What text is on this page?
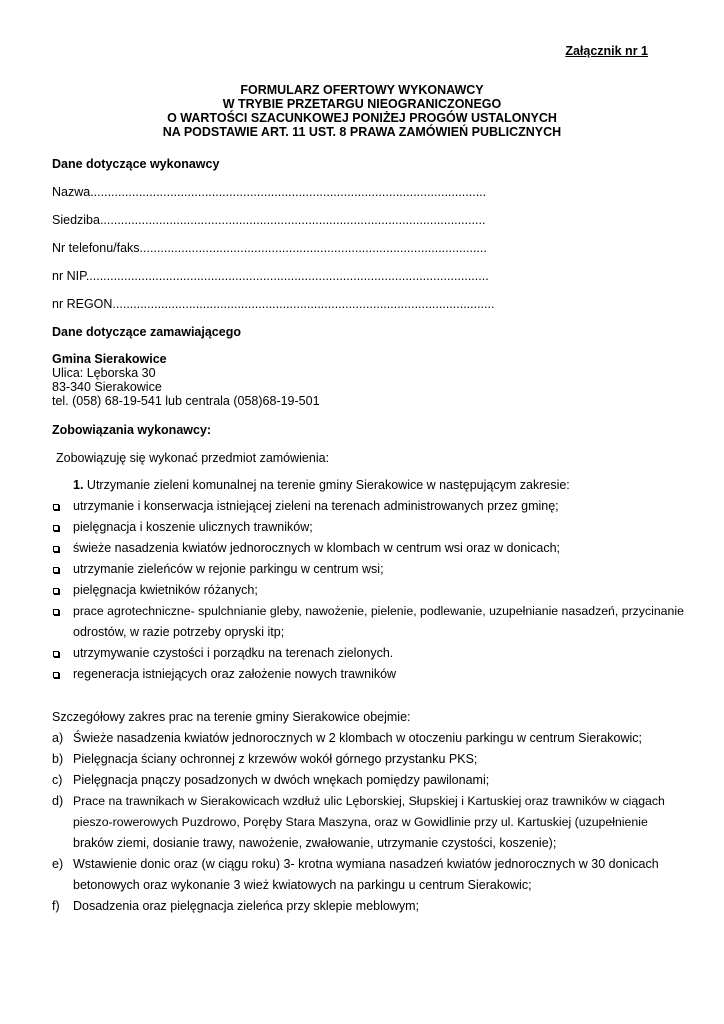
Załącznik nr 1
FORMULARZ OFERTOWY WYKONAWCY
W TRYBIE PRZETARGU NIEOGRANICZONEGO
O WARTOŚCI SZACUNKOWEJ PONIŻEJ PROGÓW USTALONYCH
NA PODSTAWIE ART. 11 UST. 8 PRAWA ZAMÓWIEŃ PUBLICZNYCH
Dane dotyczące wykonawcy
Nazwa..................................................................................................................
Siedziba...............................................................................................................
Nr telefonu/faks....................................................................................................
nr NIP....................................................................................................................
nr REGON..............................................................................................................
Dane dotyczące zamawiającego
Gmina Sierakowice
Ulica: Lęborska 30
83-340 Sierakowice
tel. (058) 68-19-541 lub centrala (058)68-19-501
Zobowiązania wykonawcy:
Zobowiązuję się wykonać przedmiot zamówienia:
1. Utrzymanie zieleni komunalnej na terenie gminy Sierakowice w następującym zakresie:
utrzymanie i konserwacja istniejącej zieleni na terenach administrowanych przez gminę;
pielęgnacja i koszenie ulicznych trawników;
świeże nasadzenia kwiatów jednorocznych w klombach w centrum wsi oraz w donicach;
utrzymanie zieleńców w rejonie parkingu w centrum wsi;
pielęgnacja kwietników różanych;
prace agrotechniczne- spulchnianie gleby, nawożenie, pielenie, podlewanie, uzupełnianie nasadzeń, przycinanie
odrostów, w razie potrzeby opryski itp;
utrzymywanie czystości i porządku na terenach zielonych.
regeneracja istniejących oraz założenie nowych trawników
Szczegółowy zakres prac na terenie gminy Sierakowice obejmie:
a) Świeże nasadzenia kwiatów jednorocznych w 2 klombach w otoczeniu parkingu w centrum Sierakowic;
b) Pielęgnacja ściany ochronnej z krzewów wokół górnego przystanku PKS;
c) Pielęgnacja pnączy posadzonych w dwóch wnękach pomiędzy pawilonami;
d) Prace na trawnikach w Sierakowicach wzdłuż ulic Lęborskiej, Słupskiej i Kartuskiej oraz trawników w ciągach
pieszo-rowerowych Puzdrowo, Poręby Stara Maszyna, oraz w Gowidlinie przy ul. Kartuskiej (uzupełnienie
braków ziemi, dosianie trawy, nawożenie, zwałowanie, utrzymanie czystości, koszenie);
e) Wstawienie donic oraz (w ciągu roku) 3- krotna wymiana nasadzeń kwiatów jednorocznych w 30 donicach
betonowych oraz wykonanie 3 wież kwiatowych na parkingu u centrum Sierakowic;
f) Dosadzenia oraz pielęgnacja zieleńca przy sklepie meblowym;
